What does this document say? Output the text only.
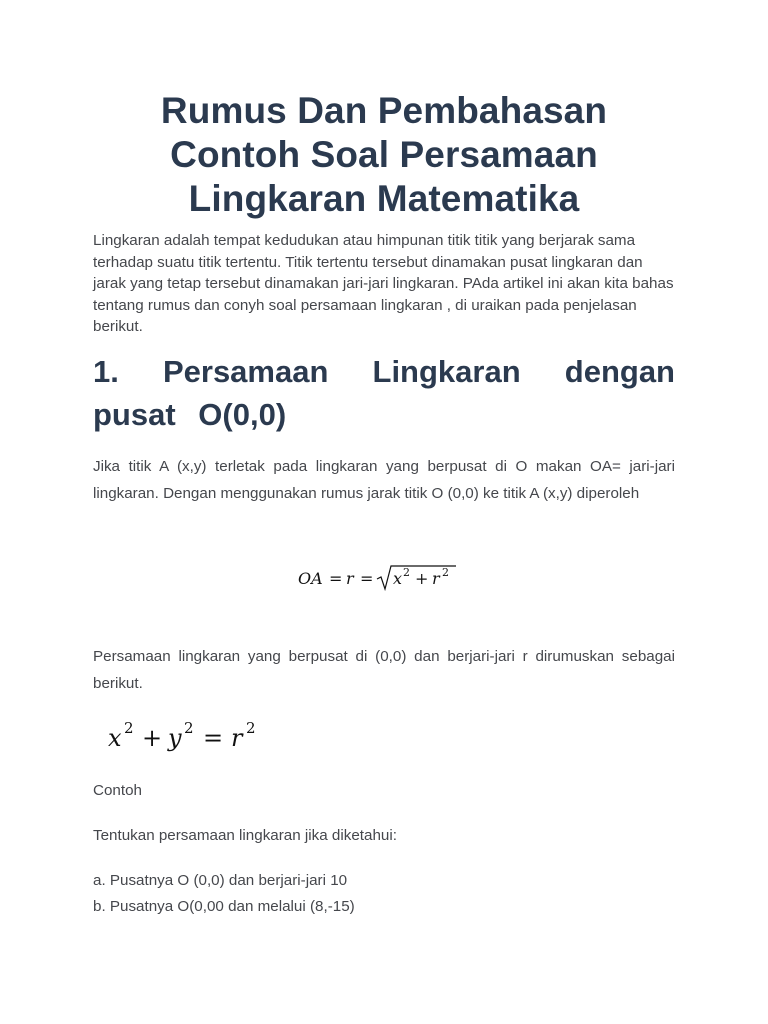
Rumus Dan Pembahasan Contoh Soal Persamaan Lingkaran Matematika

Lingkaran adalah tempat kedudukan atau himpunan titik titik yang berjarak sama terhadap suatu titik tertentu. Titik tertentu tersebut dinamakan pusat lingkaran dan jarak yang tetap tersebut dinamakan jari-jari lingkaran. PAda artikel ini akan kita bahas tentang rumus dan conyh soal persamaan lingkaran , di uraikan pada penjelasan berikut.

1. Persamaan Lingkaran dengan pusat O(0,0)

Jika titik A (x,y) terletak pada lingkaran yang berpusat di O makan OA= jari-jari lingkaran. Dengan menggunakan rumus jarak titik O (0,0) ke titik A (x,y) diperoleh

OA = r = x 2 + r 2

Persamaan lingkaran yang berpusat di (0,0) dan berjari-jari r dirumuskan sebagai berikut.

x 2 + y 2 = r 2

Contoh

Tentukan persamaan lingkaran jika diketahui:

a. Pusatnya O (0,0) dan berjari-jari 10

b. Pusatnya O(0,00 dan melalui (8,-15)
